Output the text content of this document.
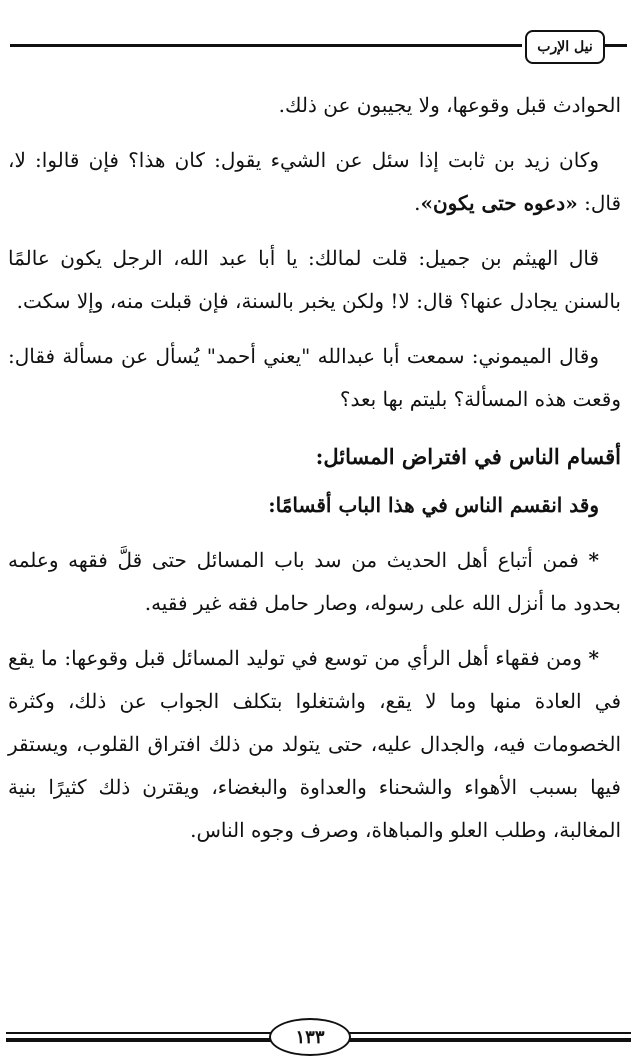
نيل الإرب

الحوادث قبل وقوعها، ولا يجيبون عن ذلك.

وكان زيد بن ثابت إذا سئل عن الشيء يقول: كان هذا؟ فإن قالوا: لا، قال: «دعوه حتى يكون».

قال الهيثم بن جميل: قلت لمالك: يا أبا عبد الله، الرجل يكون عالمًا بالسنن يجادل عنها؟ قال: لا! ولكن يخبر بالسنة، فإن قبلت منه، وإلا سكت.

وقال الميموني: سمعت أبا عبدالله "يعني أحمد" يُسأل عن مسألة فقال: وقعت هذه المسألة؟ بليتم بها بعد؟

أقسام الناس في افتراض المسائل:

وقد انقسم الناس في هذا الباب أقسامًا:

* فمن أتباع أهل الحديث من سد باب المسائل حتى قلَّ فقهه وعلمه بحدود ما أنزل الله على رسوله، وصار حامل فقه غير فقيه.

* ومن فقهاء أهل الرأي من توسع في توليد المسائل قبل وقوعها: ما يقع في العادة منها وما لا يقع، واشتغلوا بتكلف الجواب عن ذلك، وكثرة الخصومات فيه، والجدال عليه، حتى يتولد من ذلك افتراق القلوب، ويستقر فيها بسبب الأهواء والشحناء والعداوة والبغضاء، ويقترن ذلك كثيرًا بنية المغالبة، وطلب العلو والمباهاة، وصرف وجوه الناس.

١٣٣
